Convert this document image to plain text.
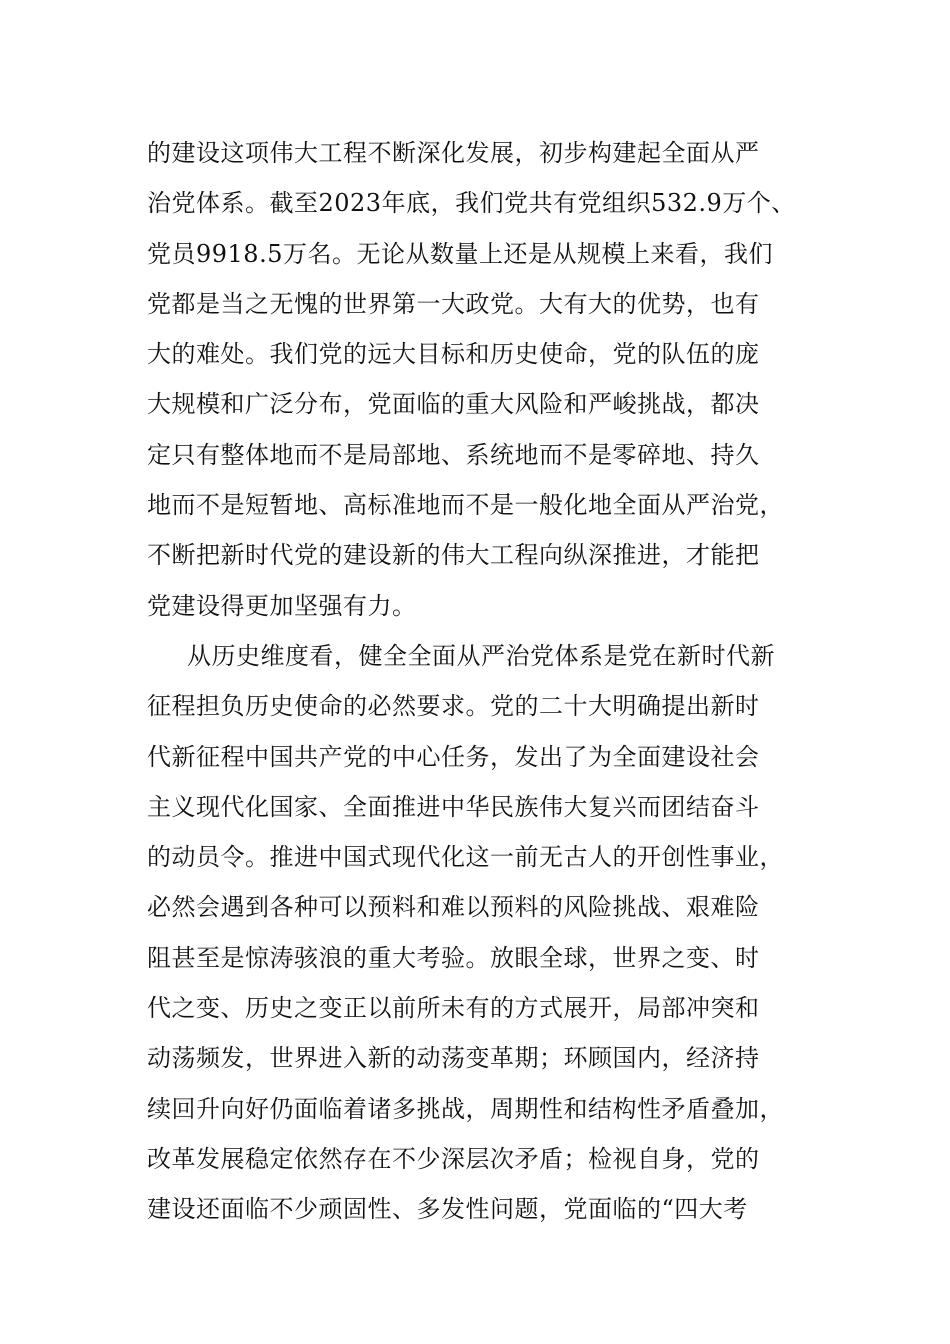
的建设这项伟大工程不断深化发展，初步构建起全面从严
治党体系。截至2023年底，我们党共有党组织532.9万个、
党员9918.5万名。无论从数量上还是从规模上来看，我们
党都是当之无愧的世界第一大政党。大有大的优势，也有
大的难处。我们党的远大目标和历史使命，党的队伍的庞
大规模和广泛分布，党面临的重大风险和严峻挑战，都决
定只有整体地而不是局部地、系统地而不是零碎地、持久
地而不是短暂地、高标准地而不是一般化地全面从严治党，
不断把新时代党的建设新的伟大工程向纵深推进，才能把
党建设得更加坚强有力。
从历史维度看，健全全面从严治党体系是党在新时代新
征程担负历史使命的必然要求。党的二十大明确提出新时
代新征程中国共产党的中心任务，发出了为全面建设社会
主义现代化国家、全面推进中华民族伟大复兴而团结奋斗
的动员令。推进中国式现代化这一前无古人的开创性事业，
必然会遇到各种可以预料和难以预料的风险挑战、艰难险
阻甚至是惊涛骇浪的重大考验。放眼全球，世界之变、时
代之变、历史之变正以前所未有的方式展开，局部冲突和
动荡频发，世界进入新的动荡变革期；环顾国内，经济持
续回升向好仍面临着诸多挑战，周期性和结构性矛盾叠加，
改革发展稳定依然存在不少深层次矛盾；检视自身，党的
建设还面临不少顽固性、多发性问题，党面临的“四大考
